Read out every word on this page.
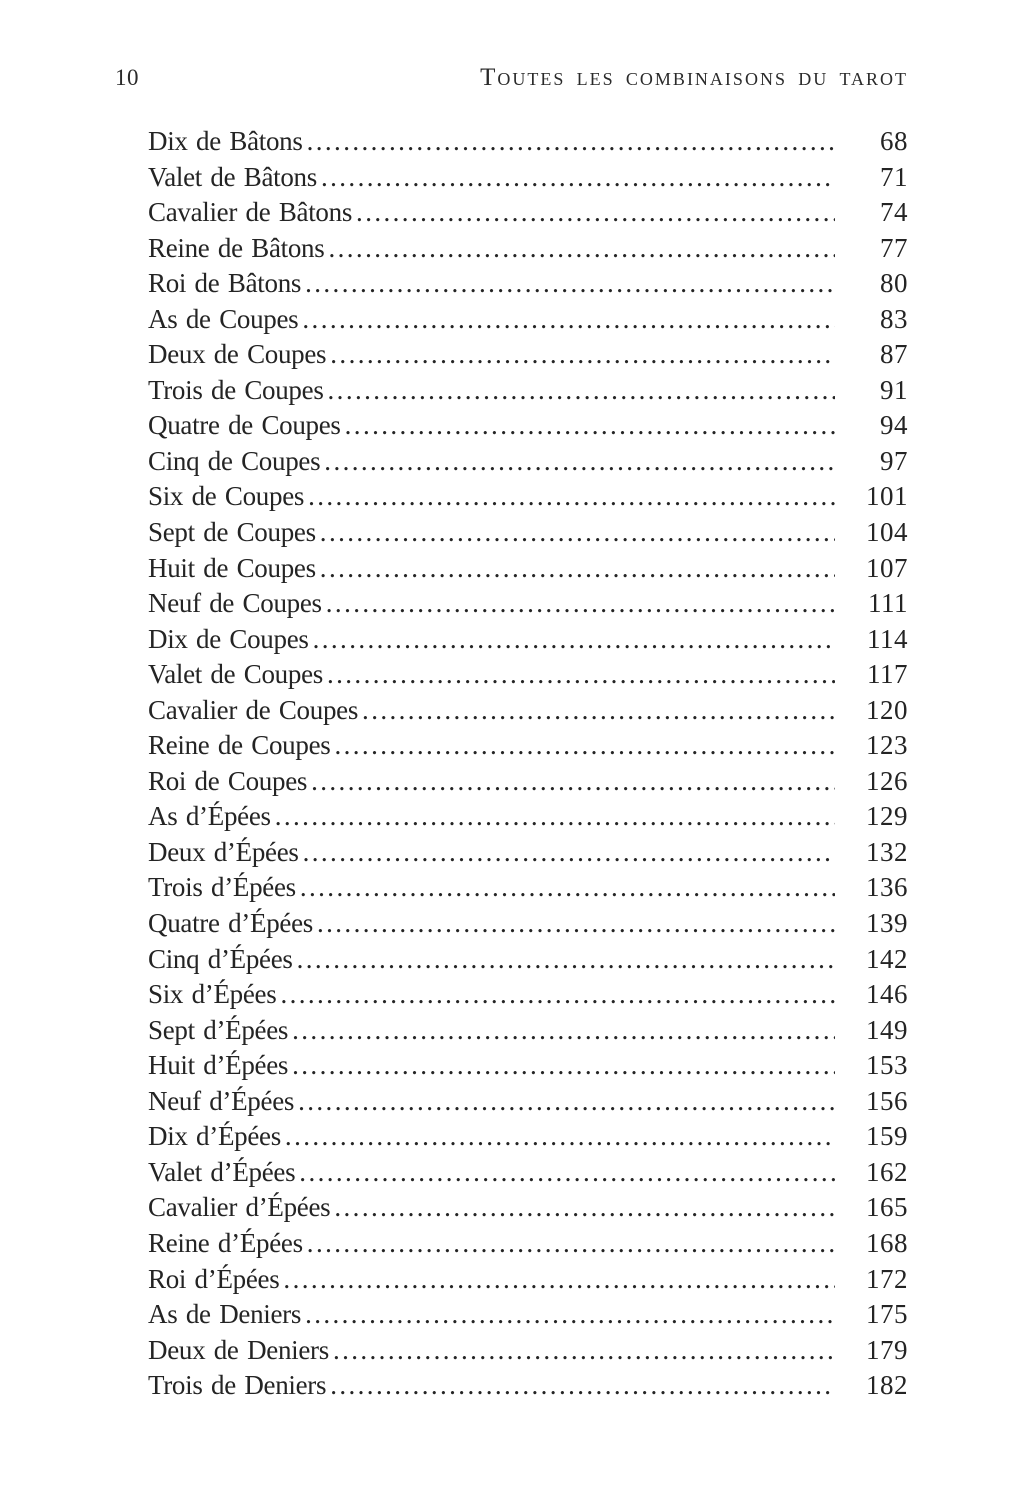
10	Toutes les combinaisons du tarot
Dix de Bâtons .....	68
Valet de Bâtons .....	71
Cavalier de Bâtons .....	74
Reine de Bâtons .....	77
Roi de Bâtons .....	80
As de Coupes .....	83
Deux de Coupes .....	87
Trois de Coupes .....	91
Quatre de Coupes .....	94
Cinq de Coupes .....	97
Six de Coupes .....	101
Sept de Coupes .....	104
Huit de Coupes .....	107
Neuf de Coupes .....	111
Dix de Coupes .....	114
Valet de Coupes .....	117
Cavalier de Coupes .....	120
Reine de Coupes .....	123
Roi de Coupes .....	126
As d’Épées .....	129
Deux d’Épées .....	132
Trois d’Épées .....	136
Quatre d’Épées .....	139
Cinq d’Épées .....	142
Six d’Épées .....	146
Sept d’Épées .....	149
Huit d’Épées .....	153
Neuf d’Épées .....	156
Dix d’Épées .....	159
Valet d’Épées .....	162
Cavalier d’Épées .....	165
Reine d’Épées .....	168
Roi d’Épées .....	172
As de Deniers .....	175
Deux de Deniers .....	179
Trois de Deniers .....	182
